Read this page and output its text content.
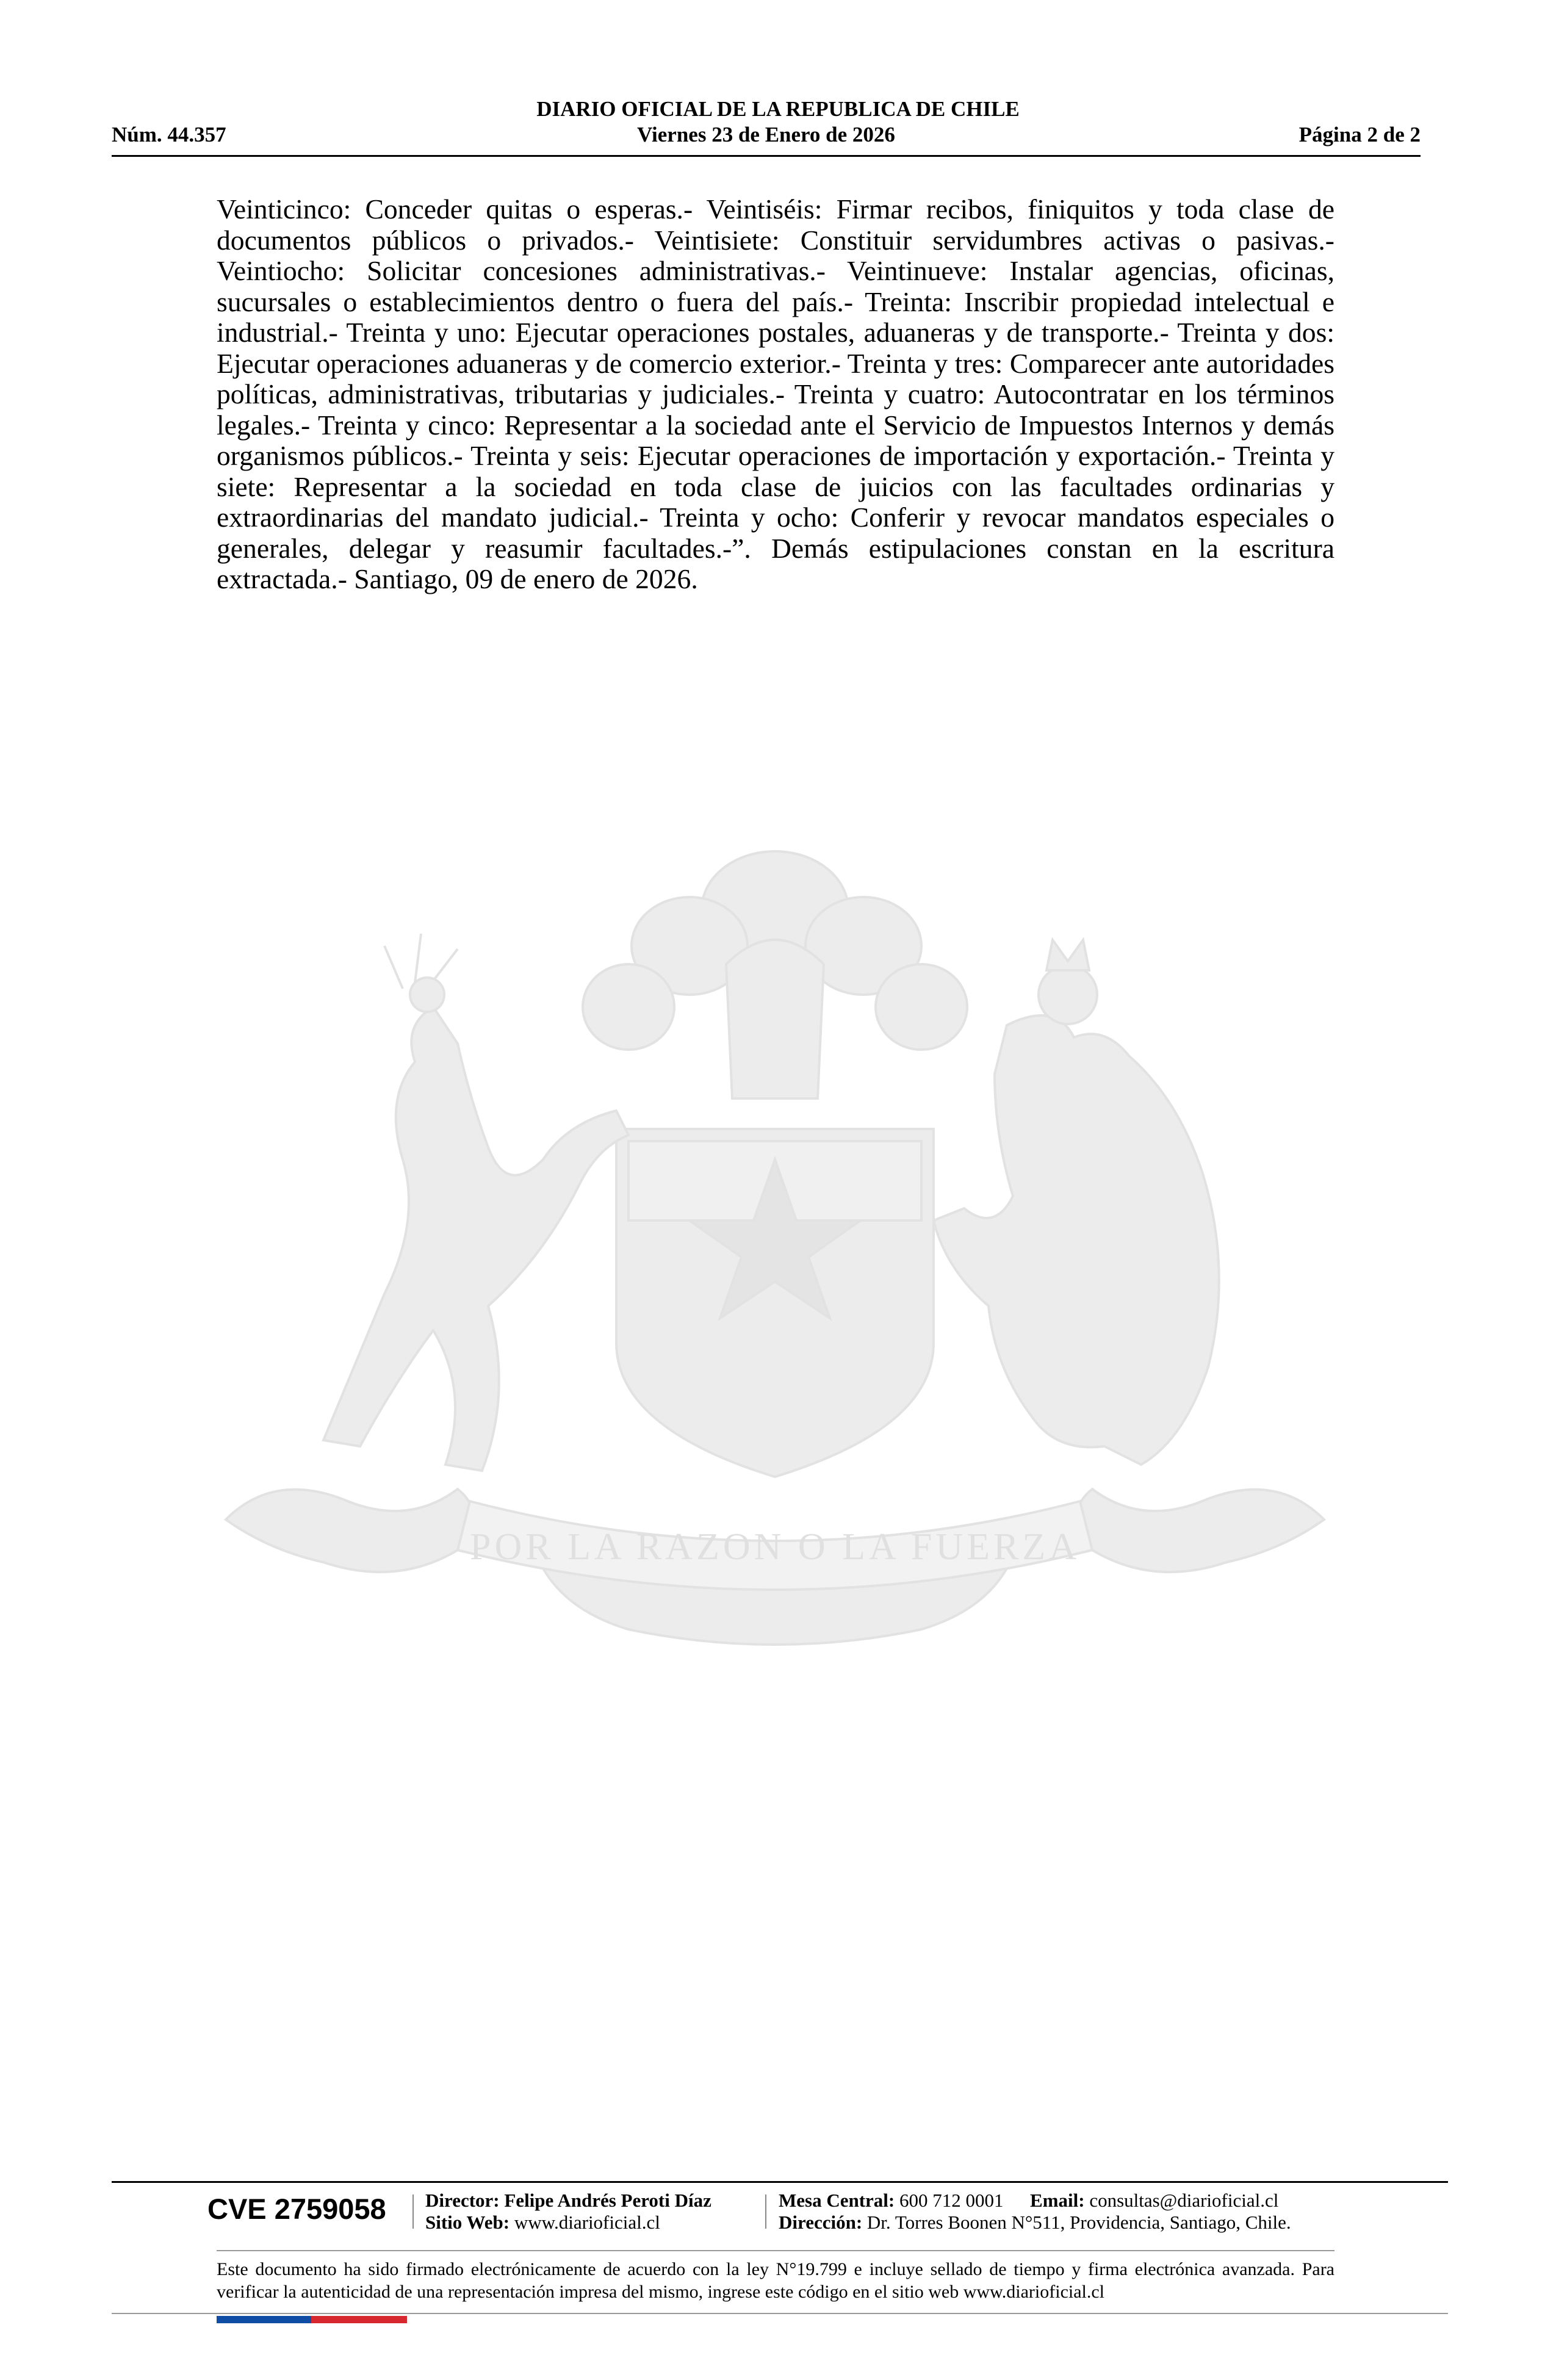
DIARIO OFICIAL DE LA REPUBLICA DE CHILE
Núm. 44.357	Viernes 23 de Enero de 2026	Página 2 de 2
Veinticinco: Conceder quitas o esperas.- Veintiséis: Firmar recibos, finiquitos y toda clase de documentos públicos o privados.- Veintisiete: Constituir servidumbres activas o pasivas.- Veintiocho: Solicitar concesiones administrativas.- Veintinueve: Instalar agencias, oficinas, sucursales o establecimientos dentro o fuera del país.- Treinta: Inscribir propiedad intelectual e industrial.- Treinta y uno: Ejecutar operaciones postales, aduaneras y de transporte.- Treinta y dos: Ejecutar operaciones aduaneras y de comercio exterior.- Treinta y tres: Comparecer ante autoridades políticas, administrativas, tributarias y judiciales.- Treinta y cuatro: Autocontratar en los términos legales.- Treinta y cinco: Representar a la sociedad ante el Servicio de Impuestos Internos y demás organismos públicos.- Treinta y seis: Ejecutar operaciones de importación y exportación.- Treinta y siete: Representar a la sociedad en toda clase de juicios con las facultades ordinarias y extraordinarias del mandato judicial.- Treinta y ocho: Conferir y revocar mandatos especiales o generales, delegar y reasumir facultades.-”. Demás estipulaciones constan en la escritura extractada.- Santiago, 09 de enero de 2026.
POR LA RAZON O LA FUERZA
CVE 2759058 Director: Felipe Andrés Peroti Díaz
Sitio Web: www.diarioficial.cl
Mesa Central: 600 712 0001 Email: consultas@diarioficial.cl
Dirección: Dr. Torres Boonen N°511, Providencia, Santiago, Chile.
Este documento ha sido firmado electrónicamente de acuerdo con la ley N°19.799 e incluye sellado de tiempo y firma electrónica avanzada. Para verificar la autenticidad de una representación impresa del mismo, ingrese este código en el sitio web www.diarioficial.cl
